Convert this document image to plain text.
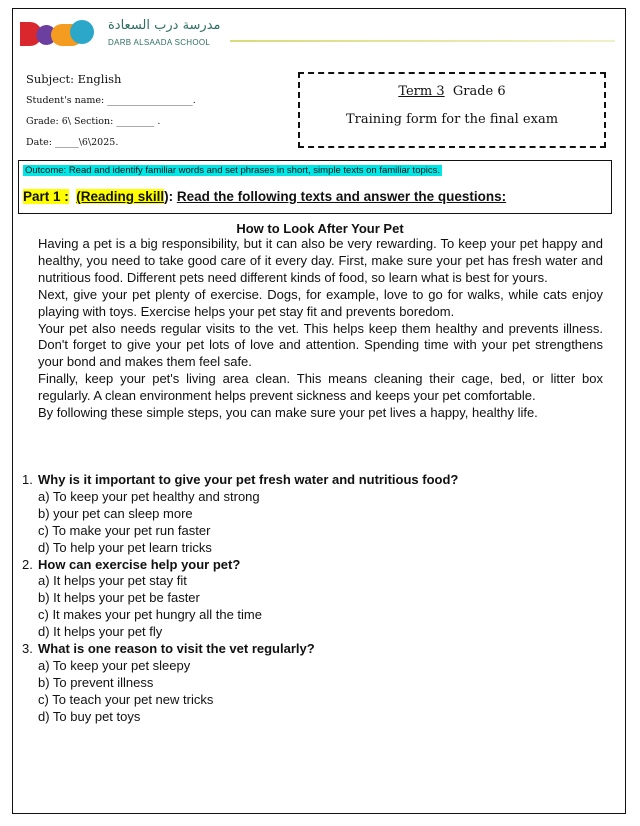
مدرسة درب السعادة
DARB ALSAADA SCHOOL
Subject: English
Student's name: __________________.
Grade: 6\ Section: ________ .
Date: _____\6\2025.
Term 3 Grade 6
Training form for the final exam
Outcome: Read and identify familiar words and set phrases in short, simple texts on familiar topics.
Part 1 : (Reading skill): Read the following texts and answer the questions:
How to Look After Your Pet

Having a pet is a big responsibility, but it can also be very rewarding. To keep your pet happy and healthy, you need to take good care of it every day. First, make sure your pet has fresh water and nutritious food. Different pets need different kinds of food, so learn what is best for yours.

Next, give your pet plenty of exercise. Dogs, for example, love to go for walks, while cats enjoy playing with toys. Exercise helps your pet stay fit and prevents boredom.

Your pet also needs regular visits to the vet. This helps keep them healthy and prevents illness. Don't forget to give your pet lots of love and attention. Spending time with your pet strengthens your bond and makes them feel safe.

Finally, keep your pet's living area clean. This means cleaning their cage, bed, or litter box regularly. A clean environment helps prevent sickness and keeps your pet comfortable.

By following these simple steps, you can make sure your pet lives a happy, healthy life.

1. Why is it important to give your pet fresh water and nutritious food?
a) To keep your pet healthy and strong
b) your pet can sleep more
c) To make your pet run faster
d) To help your pet learn tricks
2. How can exercise help your pet?
a) It helps your pet stay fit
b) It helps your pet be faster
c) It makes your pet hungry all the time
d) It helps your pet fly
3. What is one reason to visit the vet regularly?
a) To keep your pet sleepy
b) To prevent illness
c) To teach your pet new tricks
d) To buy pet toys
